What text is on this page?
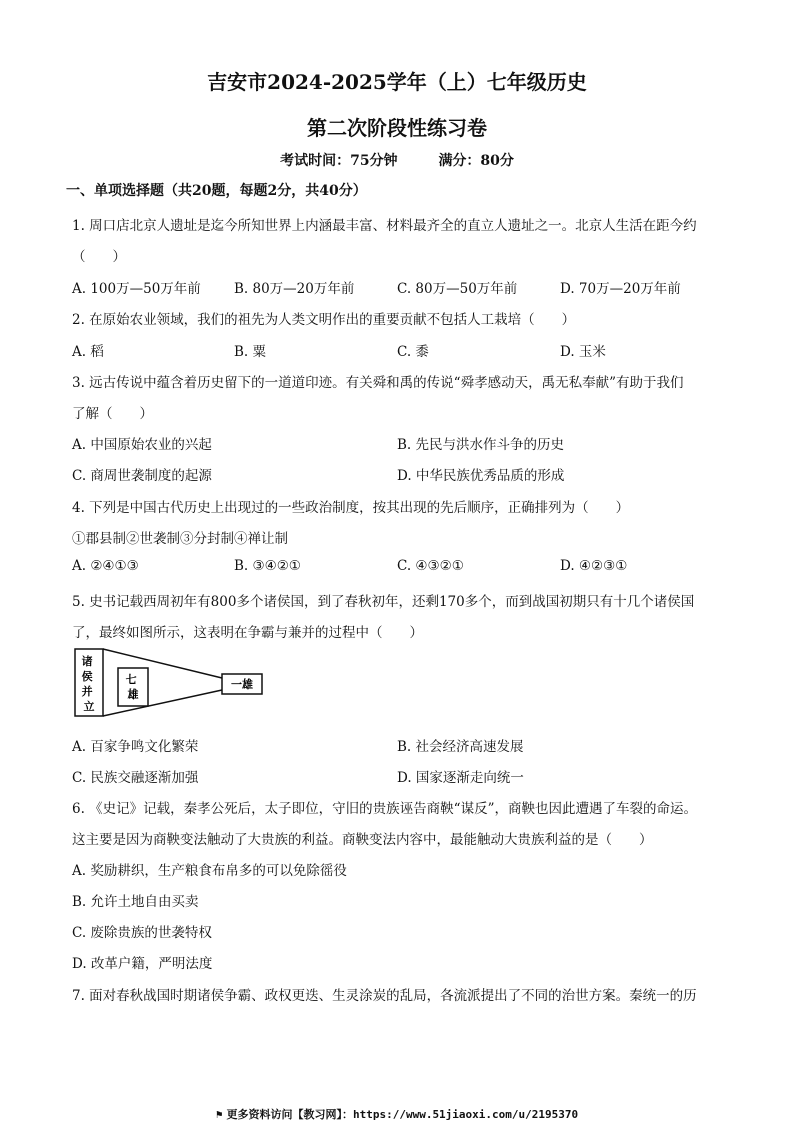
吉安市2024-2025学年（上）七年级历史
第二次阶段性练习卷
考试时间：75分钟	满分：80分
一、单项选择题（共20题，每题2分，共40分）
1. 周口店北京人遗址是迄今所知世界上内涵最丰富、材料最齐全的直立人遗址之一。北京人生活在距今约
（　　）
A. 100万—50万年前 B. 80万—20万年前	C. 80万—50万年前	D. 70万—20万年前
2. 在原始农业领域，我们的祖先为人类文明作出的重要贡献不包括人工栽培（　　）
A. 稻	B. 粟	C. 黍	D. 玉米
3. 远古传说中蕴含着历史留下的一道道印迹。有关舜和禹的传说“舜孝感动天，禹无私奉献”有助于我们
了解（　　）
A. 中国原始农业的兴起	B. 先民与洪水作斗争的历史
C. 商周世袭制度的起源	D. 中华民族优秀品质的形成
4. 下列是中国古代历史上出现过的一些政治制度，按其出现的先后顺序，正确排列为（　　）
①郡县制②世袭制③分封制④禅让制
A. ②④①③	B. ③④②①	C. ④③②①	D. ④②③①
5. 史书记载西周初年有800多个诸侯国，到了春秋初年，还剩170多个，而到战国初期只有十几个诸侯国
了，最终如图所示，这表明在争霸与兼并的过程中（　　）
诸 侯 并 立
七 雄
一雄
A. 百家争鸣文化繁荣	B. 社会经济高速发展
C. 民族交融逐渐加强	D. 国家逐渐走向统一
6. 《史记》记载，秦孝公死后，太子即位，守旧的贵族诬告商鞅“谋反”，商鞅也因此遭遇了车裂的命运。
这主要是因为商鞅变法触动了大贵族的利益。商鞅变法内容中，最能触动大贵族利益的是（　　）
A. 奖励耕织，生产粮食布帛多的可以免除徭役
B. 允许土地自由买卖
C. 废除贵族的世袭特权
D. 改革户籍，严明法度
7. 面对春秋战国时期诸侯争霸、政权更迭、生灵涂炭的乱局，各流派提出了不同的治世方案。秦统一的历
⚑ 更多资料访问【教习网】：https://www.51jiaoxi.com/u/2195370
